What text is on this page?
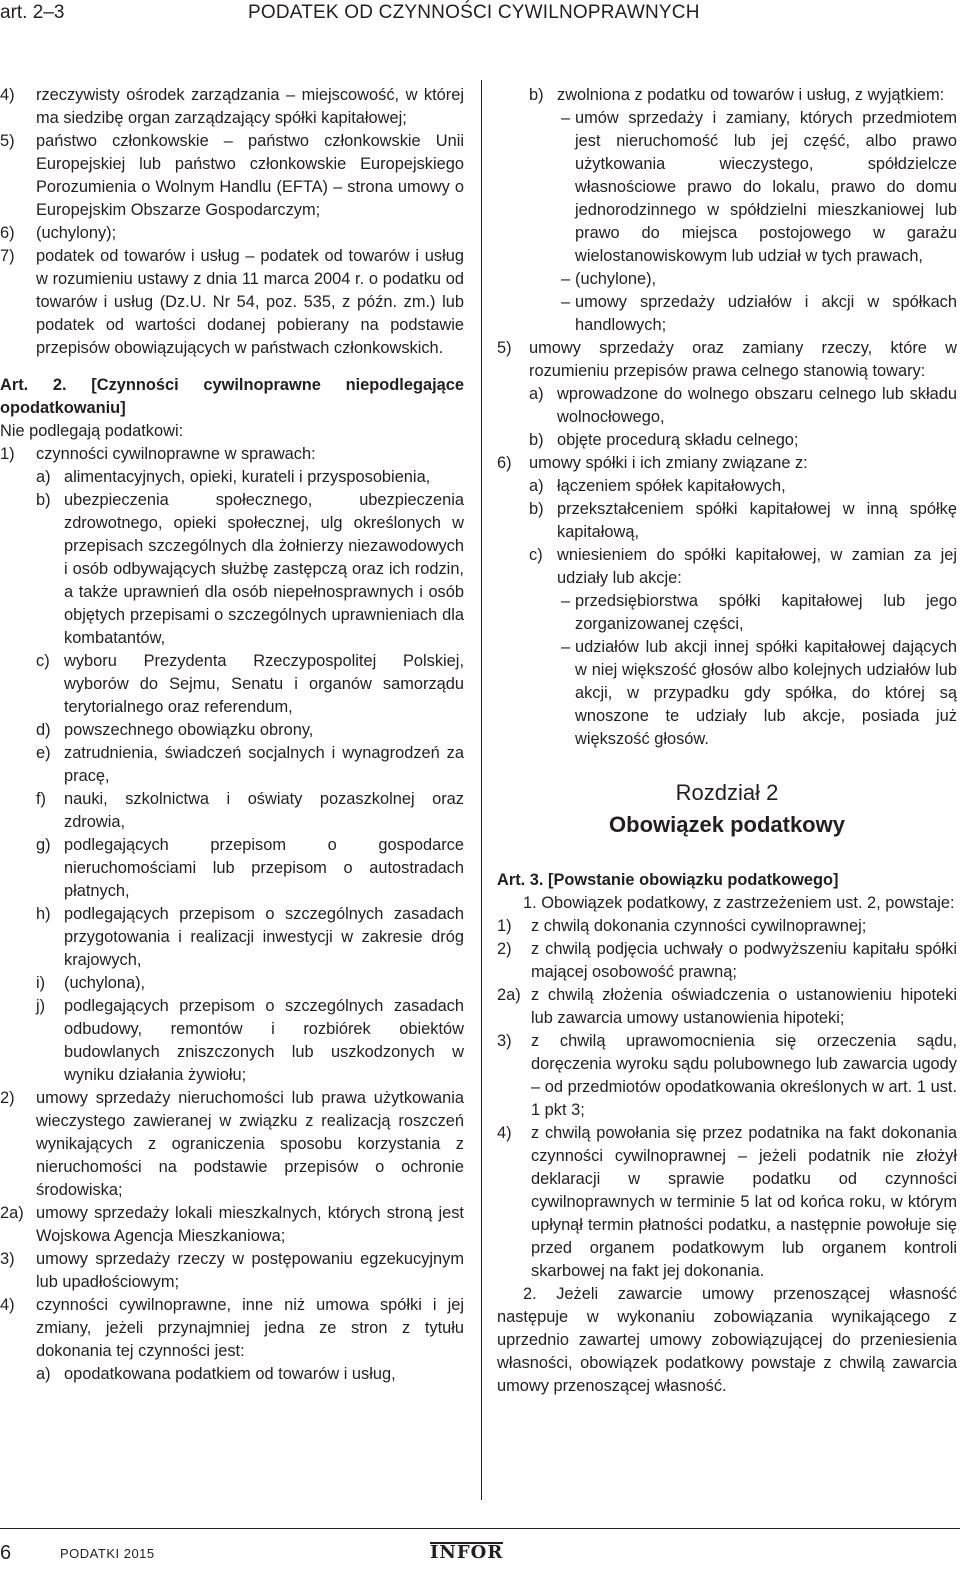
art. 2–3	PODATEK OD CZYNNOŚCI CYWILNOPRAWNYCH
4) rzeczywisty ośrodek zarządzania – miejscowość, w której ma siedzibę organ zarządzający spółki kapitałowej;
5) państwo członkowskie – państwo członkowskie Unii Europejskiej lub państwo członkowskie Europejskiego Porozumienia o Wolnym Handlu (EFTA) – strona umowy o Europejskim Obszarze Gospodarczym;
6) (uchylony);
7) podatek od towarów i usług – podatek od towarów i usług w rozumieniu ustawy z dnia 11 marca 2004 r. o podatku od towarów i usług (Dz.U. Nr 54, poz. 535, z późn. zm.) lub podatek od wartości dodanej pobierany na podstawie przepisów obowiązujących w państwach członkowskich.
Art. 2. [Czynności cywilnoprawne niepodlegające opodatkowaniu]
Nie podlegają podatkowi:
1) czynności cywilnoprawne w sprawach:
a) alimentacyjnych, opieki, kurateli i przysposobienia,
b) ubezpieczenia społecznego, ubezpieczenia zdrowotnego, opieki społecznej, ulg określonych w przepisach szczególnych dla żołnierzy niezawodowych i osób odbywających służbę zastępczą oraz ich rodzin, a także uprawnień dla osób niepełnosprawnych i osób objętych przepisami o szczególnych uprawnieniach dla kombatantów,
c) wyboru Prezydenta Rzeczypospolitej Polskiej, wyborów do Sejmu, Senatu i organów samorządu terytorialnego oraz referendum,
d) powszechnego obowiązku obrony,
e) zatrudnienia, świadczeń socjalnych i wynagrodzeń za pracę,
f) nauki, szkolnictwa i oświaty pozaszkolnej oraz zdrowia,
g) podlegających przepisom o gospodarce nieruchomościami lub przepisom o autostradach płatnych,
h) podlegających przepisom o szczególnych zasadach przygotowania i realizacji inwestycji w zakresie dróg krajowych,
i) (uchylona),
j) podlegających przepisom o szczególnych zasadach odbudowy, remontów i rozbiórek obiektów budowlanych zniszczonych lub uszkodzonych w wyniku działania żywiołu;
2) umowy sprzedaży nieruchomości lub prawa użytkowania wieczystego zawieranej w związku z realizacją roszczeń wynikających z ograniczenia sposobu korzystania z nieruchomości na podstawie przepisów o ochronie środowiska;
2a) umowy sprzedaży lokali mieszkalnych, których stroną jest Wojskowa Agencja Mieszkaniowa;
3) umowy sprzedaży rzeczy w postępowaniu egzekucyjnym lub upadłościowym;
4) czynności cywilnoprawne, inne niż umowa spółki i jej zmiany, jeżeli przynajmniej jedna ze stron z tytułu dokonania tej czynności jest:
a) opodatkowana podatkiem od towarów i usług,
b) zwolniona z podatku od towarów i usług, z wyjątkiem:
– umów sprzedaży i zamiany, których przedmiotem jest nieruchomość lub jej część, albo prawo użytkowania wieczystego, spółdzielcze własnościowe prawo do lokalu, prawo do domu jednorodzinnego w spółdzielni mieszkaniowej lub prawo do miejsca postojowego w garażu wielostanowiskowym lub udział w tych prawach,
– (uchylone),
– umowy sprzedaży udziałów i akcji w spółkach handlowych;
5) umowy sprzedaży oraz zamiany rzeczy, które w rozumieniu przepisów prawa celnego stanowią towary:
a) wprowadzone do wolnego obszaru celnego lub składu wolnocłowego,
b) objęte procedurą składu celnego;
6) umowy spółki i ich zmiany związane z:
a) łączeniem spółek kapitałowych,
b) przekształceniem spółki kapitałowej w inną spółkę kapitałową,
c) wniesieniem do spółki kapitałowej, w zamian za jej udziały lub akcje:
– przedsiębiorstwa spółki kapitałowej lub jego zorganizowanej części,
– udziałów lub akcji innej spółki kapitałowej dających w niej większość głosów albo kolejnych udziałów lub akcji, w przypadku gdy spółka, do której są wnoszone te udziały lub akcje, posiada już większość głosów.
Rozdział 2
Obowiązek podatkowy
Art. 3. [Powstanie obowiązku podatkowego]
1. Obowiązek podatkowy, z zastrzeżeniem ust. 2, powstaje:
1) z chwilą dokonania czynności cywilnoprawnej;
2) z chwilą podjęcia uchwały o podwyższeniu kapitału spółki mającej osobowość prawną;
2a) z chwilą złożenia oświadczenia o ustanowieniu hipoteki lub zawarcia umowy ustanowienia hipoteki;
3) z chwilą uprawomocnienia się orzeczenia sądu, doręczenia wyroku sądu polubownego lub zawarcia ugody – od przedmiotów opodatkowania określonych w art. 1 ust. 1 pkt 3;
4) z chwilą powołania się przez podatnika na fakt dokonania czynności cywilnoprawnej – jeżeli podatnik nie złożył deklaracji w sprawie podatku od czynności cywilnoprawnych w terminie 5 lat od końca roku, w którym upłynął termin płatności podatku, a następnie powołuje się przed organem podatkowym lub organem kontroli skarbowej na fakt jej dokonania.
2. Jeżeli zawarcie umowy przenoszącej własność następuje w wykonaniu zobowiązania wynikającego z uprzednio zawartej umowy zobowiązującej do przeniesienia własności, obowiązek podatkowy powstaje z chwilą zawarcia umowy przenoszącej własność.
6	PODATKI 2015	INFOR
